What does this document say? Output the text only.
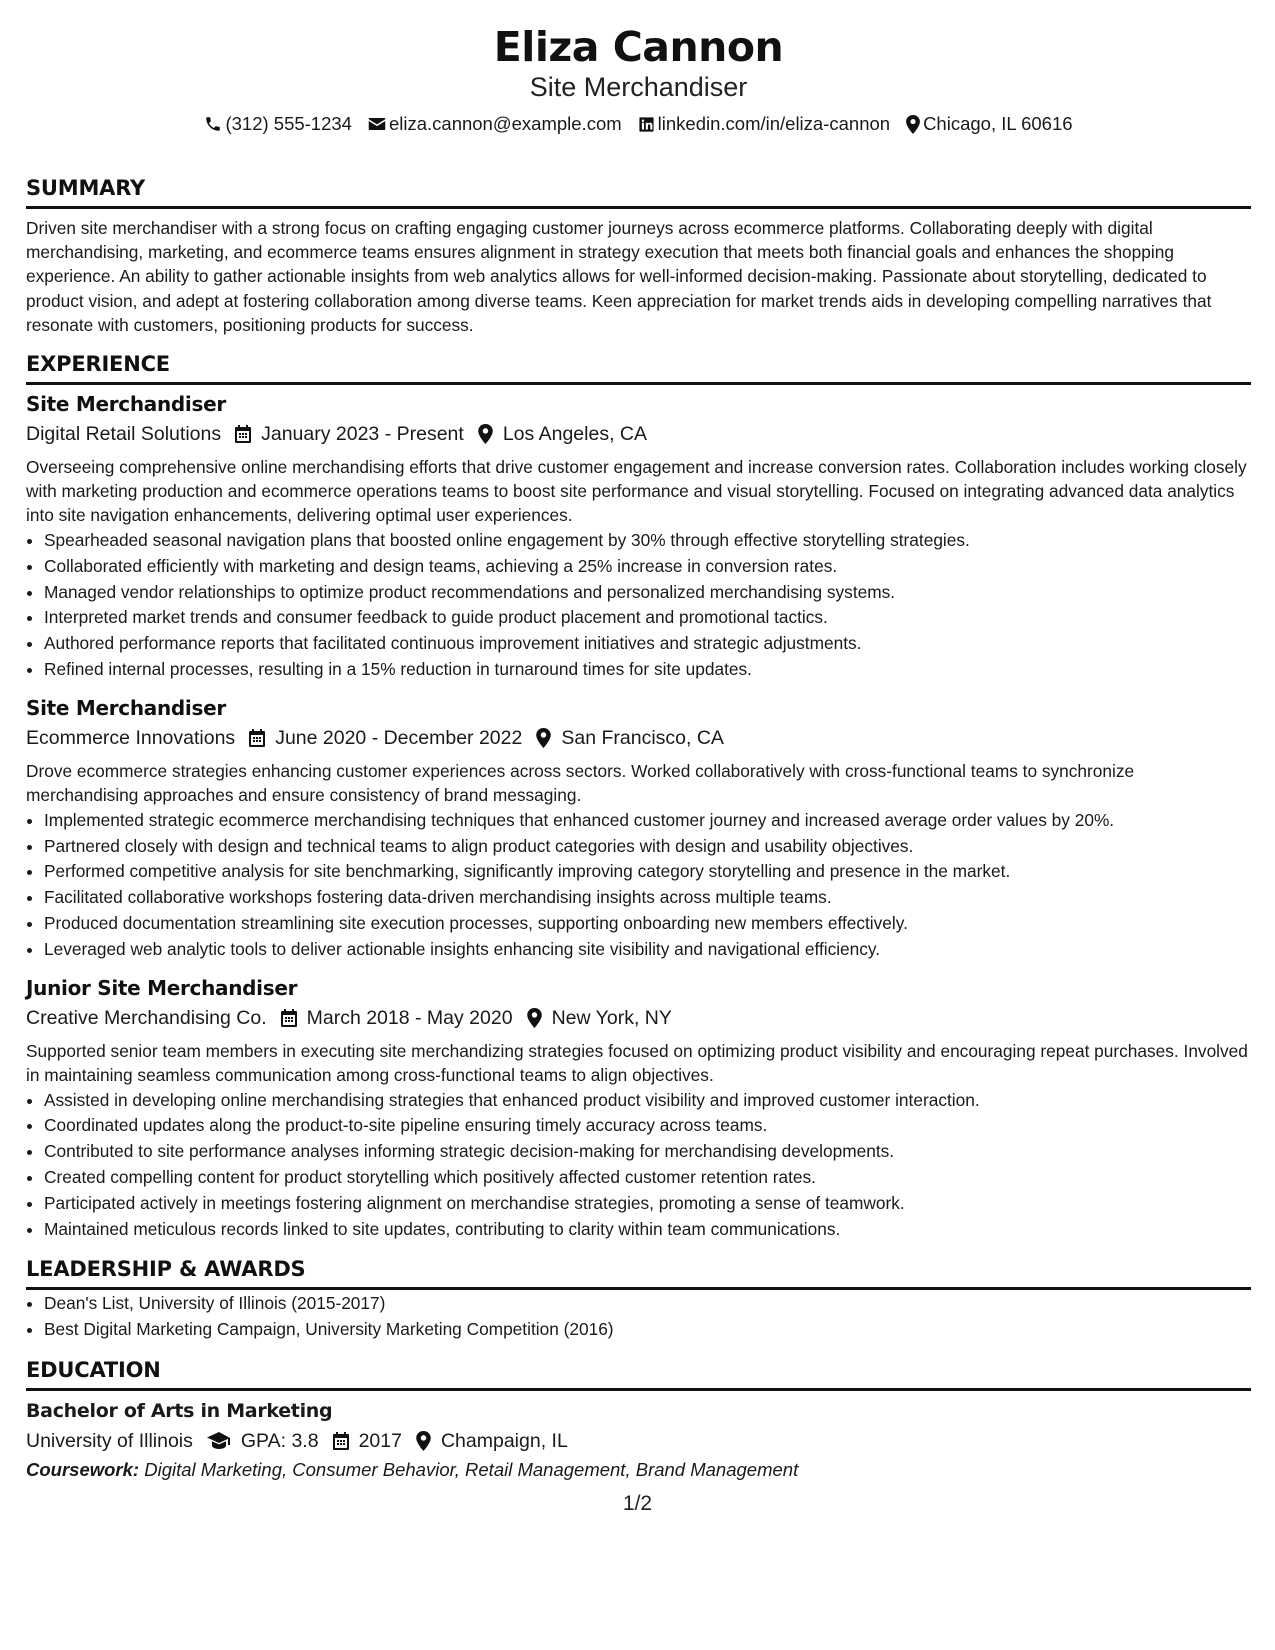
Eliza Cannon
Site Merchandiser
(312) 555-1234 eliza.cannon@example.com linkedin.com/in/eliza-cannon Chicago, IL 60616
SUMMARY
Driven site merchandiser with a strong focus on crafting engaging customer journeys across ecommerce platforms. Collaborating deeply with digital merchandising, marketing, and ecommerce teams ensures alignment in strategy execution that meets both financial goals and enhances the shopping experience. An ability to gather actionable insights from web analytics allows for well-informed decision-making. Passionate about storytelling, dedicated to product vision, and adept at fostering collaboration among diverse teams. Keen appreciation for market trends aids in developing compelling narratives that resonate with customers, positioning products for success.
EXPERIENCE
Site Merchandiser
Digital Retail Solutions January 2023 - Present Los Angeles, CA
Overseeing comprehensive online merchandising efforts that drive customer engagement and increase conversion rates. Collaboration includes working closely with marketing production and ecommerce operations teams to boost site performance and visual storytelling. Focused on integrating advanced data analytics into site navigation enhancements, delivering optimal user experiences.
• Spearheaded seasonal navigation plans that boosted online engagement by 30% through effective storytelling strategies.
• Collaborated efficiently with marketing and design teams, achieving a 25% increase in conversion rates.
• Managed vendor relationships to optimize product recommendations and personalized merchandising systems.
• Interpreted market trends and consumer feedback to guide product placement and promotional tactics.
• Authored performance reports that facilitated continuous improvement initiatives and strategic adjustments.
• Refined internal processes, resulting in a 15% reduction in turnaround times for site updates.
Site Merchandiser
Ecommerce Innovations June 2020 - December 2022 San Francisco, CA
Drove ecommerce strategies enhancing customer experiences across sectors. Worked collaboratively with cross-functional teams to synchronize merchandising approaches and ensure consistency of brand messaging.
• Implemented strategic ecommerce merchandising techniques that enhanced customer journey and increased average order values by 20%.
• Partnered closely with design and technical teams to align product categories with design and usability objectives.
• Performed competitive analysis for site benchmarking, significantly improving category storytelling and presence in the market.
• Facilitated collaborative workshops fostering data-driven merchandising insights across multiple teams.
• Produced documentation streamlining site execution processes, supporting onboarding new members effectively.
• Leveraged web analytic tools to deliver actionable insights enhancing site visibility and navigational efficiency.
Junior Site Merchandiser
Creative Merchandising Co. March 2018 - May 2020 New York, NY
Supported senior team members in executing site merchandizing strategies focused on optimizing product visibility and encouraging repeat purchases. Involved in maintaining seamless communication among cross-functional teams to align objectives.
• Assisted in developing online merchandising strategies that enhanced product visibility and improved customer interaction.
• Coordinated updates along the product-to-site pipeline ensuring timely accuracy across teams.
• Contributed to site performance analyses informing strategic decision-making for merchandising developments.
• Created compelling content for product storytelling which positively affected customer retention rates.
• Participated actively in meetings fostering alignment on merchandise strategies, promoting a sense of teamwork.
• Maintained meticulous records linked to site updates, contributing to clarity within team communications.
LEADERSHIP & AWARDS
• Dean's List, University of Illinois (2015-2017)
• Best Digital Marketing Campaign, University Marketing Competition (2016)
EDUCATION
Bachelor of Arts in Marketing
University of Illinois GPA: 3.8 2017 Champaign, IL
Coursework: Digital Marketing, Consumer Behavior, Retail Management, Brand Management
1/2
